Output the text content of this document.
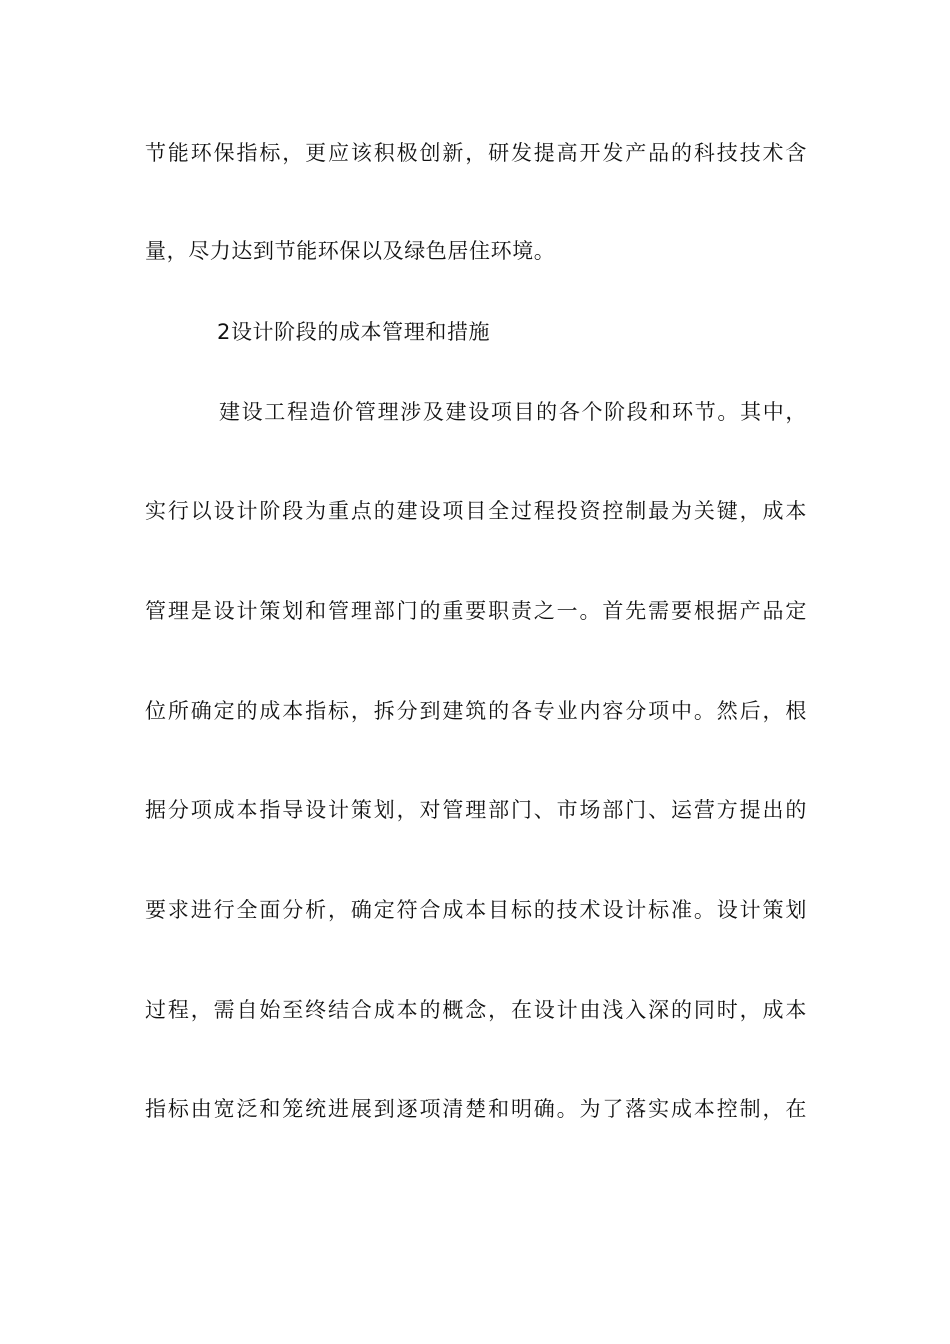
节能环保指标，更应该积极创新，研发提高开发产品的科技技术含
量，尽力达到节能环保以及绿色居住环境。
2设计阶段的成本管理和措施
建设工程造价管理涉及建设项目的各个阶段和环节。其中，
实行以设计阶段为重点的建设项目全过程投资控制最为关键，成本
管理是设计策划和管理部门的重要职责之一。首先需要根据产品定
位所确定的成本指标，拆分到建筑的各专业内容分项中。然后，根
据分项成本指导设计策划，对管理部门、市场部门、运营方提出的
要求进行全面分析，确定符合成本目标的技术设计标准。设计策划
过程，需自始至终结合成本的概念，在设计由浅入深的同时，成本
指标由宽泛和笼统进展到逐项清楚和明确。为了落实成本控制，在
